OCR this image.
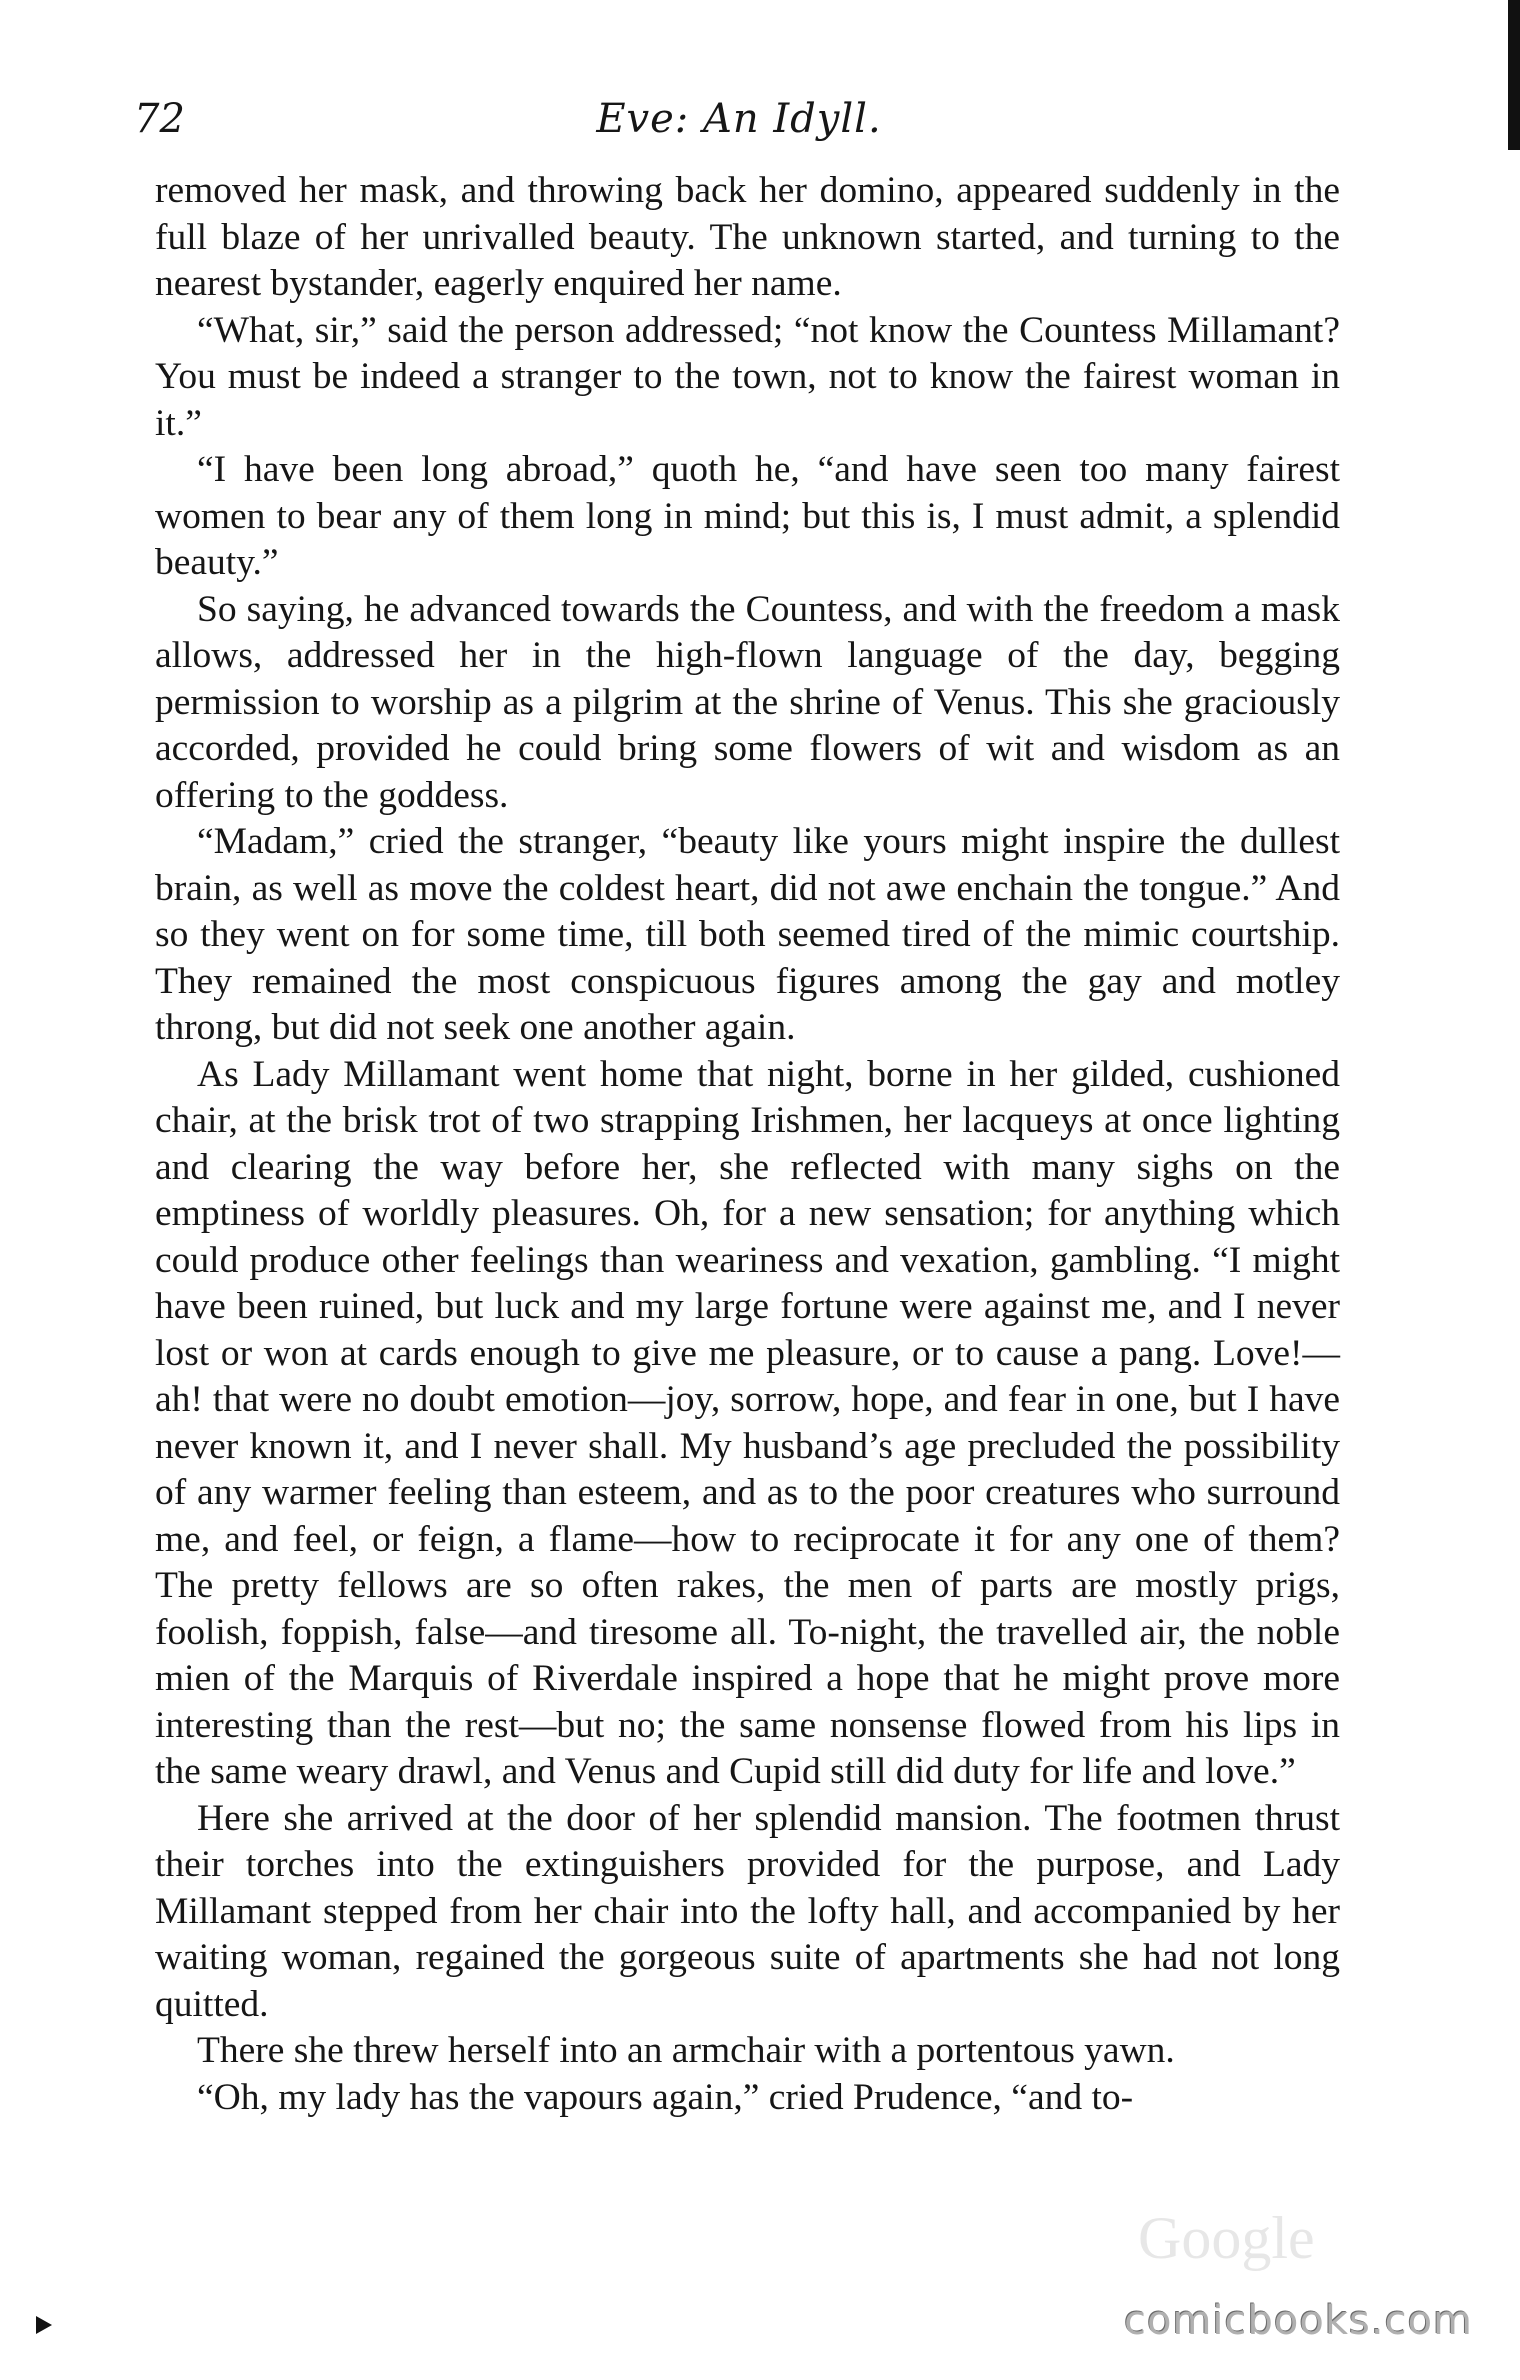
72	Eve: An Idyll.

removed her mask, and throwing back her domino, appeared suddenly in the full blaze of her unrivalled beauty. The unknown started, and turning to the nearest bystander, eagerly enquired her name.

“What, sir,” said the person addressed; “not know the Countess Millamant? You must be indeed a stranger to the town, not to know the fairest woman in it.”

“I have been long abroad,” quoth he, “and have seen too many fairest women to bear any of them long in mind; but this is, I must admit, a splendid beauty.”

So saying, he advanced towards the Countess, and with the freedom a mask allows, addressed her in the high-flown language of the day, begging permission to worship as a pilgrim at the shrine of Venus. This she graciously accorded, provided he could bring some flowers of wit and wisdom as an offering to the goddess.

“Madam,” cried the stranger, “beauty like yours might inspire the dullest brain, as well as move the coldest heart, did not awe enchain the tongue.” And so they went on for some time, till both seemed tired of the mimic courtship. They remained the most conspicuous figures among the gay and motley throng, but did not seek one another again.

As Lady Millamant went home that night, borne in her gilded, cushioned chair, at the brisk trot of two strapping Irishmen, her lacqueys at once lighting and clearing the way before her, she reflected with many sighs on the emptiness of worldly pleasures. Oh, for a new sensation; for anything which could produce other feelings than weariness and vexation, gambling. “I might have been ruined, but luck and my large fortune were against me, and I never lost or won at cards enough to give me pleasure, or to cause a pang. Love!—ah! that were no doubt emotion—joy, sorrow, hope, and fear in one, but I have never known it, and I never shall. My husband’s age precluded the possibility of any warmer feeling than esteem, and as to the poor creatures who surround me, and feel, or feign, a flame—how to reciprocate it for any one of them? The pretty fellows are so often rakes, the men of parts are mostly prigs, foolish, foppish, false—and tiresome all. To-night, the travelled air, the noble mien of the Marquis of Riverdale inspired a hope that he might prove more interesting than the rest—but no; the same nonsense flowed from his lips in the same weary drawl, and Venus and Cupid still did duty for life and love.”

Here she arrived at the door of her splendid mansion. The footmen thrust their torches into the extinguishers provided for the purpose, and Lady Millamant stepped from her chair into the lofty hall, and accompanied by her waiting woman, regained the gorgeous suite of apartments she had not long quitted.

There she threw herself into an armchair with a portentous yawn.

“Oh, my lady has the vapours again,” cried Prudence, “and to-

Google
comicbooks.com
